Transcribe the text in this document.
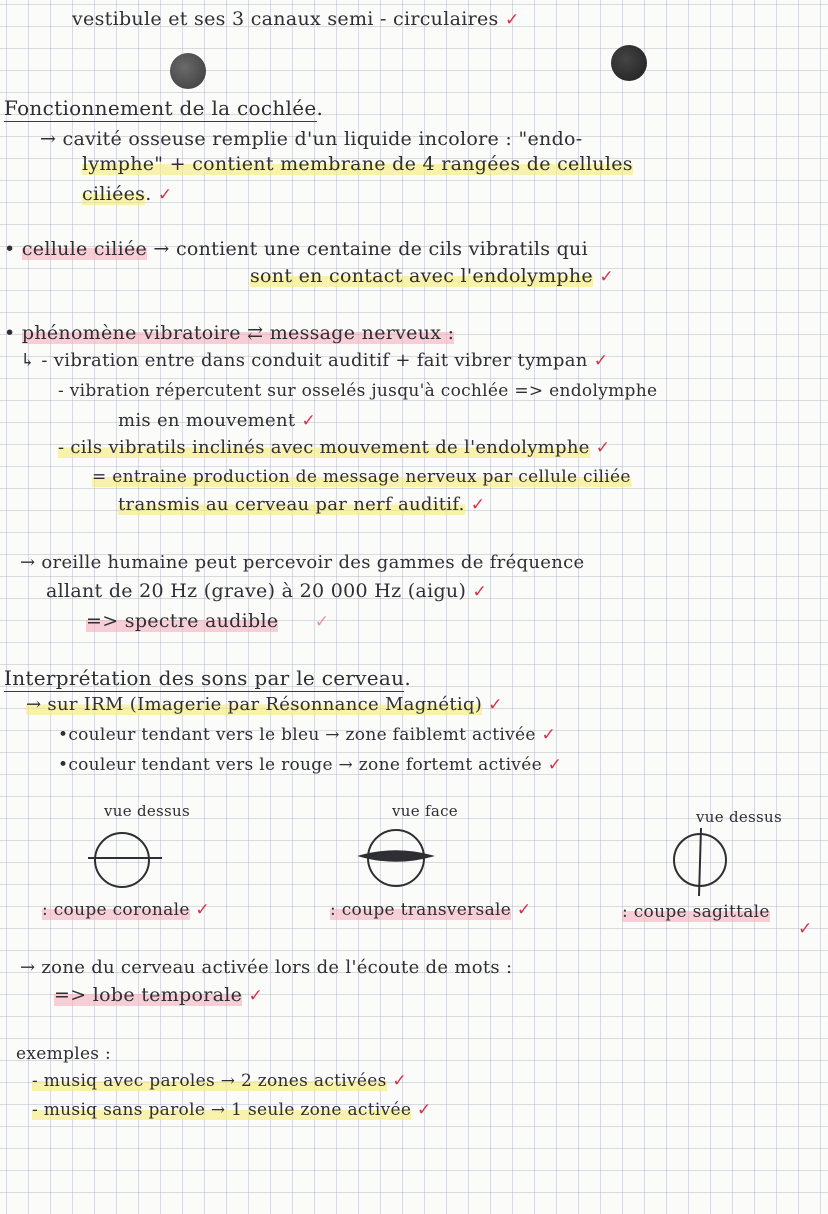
vestibule et ses 3 canaux semi - circulaires ✓
Fonctionnement de la cochlée.
→ cavité osseuse remplie d'un liquide incolore : "endo-
lymphe" + contient membrane de 4 rangées de cellules
ciliées. ✓
• cellule ciliée → contient une centaine de cils vibratils qui
sont en contact avec l'endolymphe ✓
• phénomène vibratoire ⇄ message nerveux :
↳ - vibration entre dans conduit auditif + fait vibrer tympan ✓
- vibration répercutent sur osselés jusqu'à cochlée => endolymphe
mis en mouvement ✓
- cils vibratils inclinés avec mouvement de l'endolymphe ✓
= entraine production de message nerveux par cellule ciliée
transmis au cerveau par nerf auditif. ✓
→ oreille humaine peut percevoir des gammes de fréquence
allant de 20 Hz (grave) à 20 000 Hz (aigu) ✓
=> spectre audible ✓
Interprétation des sons par le cerveau.
→ sur IRM (Imagerie par Résonnance Magnétiq) ✓
•couleur tendant vers le bleu → zone faiblemt activée ✓
•couleur tendant vers le rouge → zone fortemt activée ✓
vue dessus	vue face	vue dessus
: coupe coronale ✓	: coupe transversale ✓	: coupe sagittale
✓
→ zone du cerveau activée lors de l'écoute de mots :
=> lobe temporale ✓
exemples :
- musiq avec paroles → 2 zones activées ✓
- musiq sans parole → 1 seule zone activée ✓
